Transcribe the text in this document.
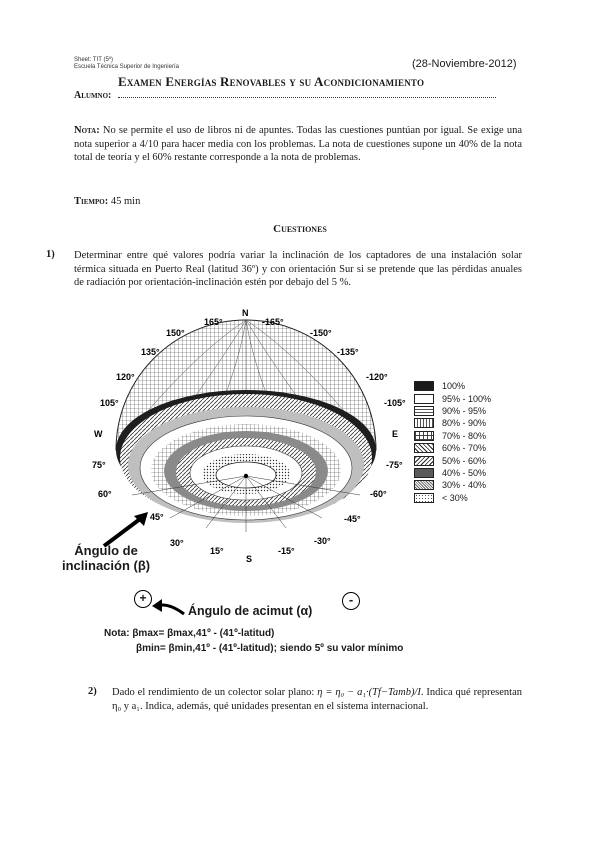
Sheet: TIT (5º)
Escuela Técnica Superior de Ingeniería	(28-Noviembre-2012)
Examen Energías Renovables y su Acondicionamiento
Alumno:
Nota: No se permite el uso de libros ni de apuntes. Todas las cuestiones puntúan por igual. Se exige una nota superior a 4/10 para hacer media con los problemas. La nota de cuestiones supone un 40% de la nota total de teoría y el 60% restante corresponde a la nota de problemas.
Tiempo: 45 min
Cuestiones
1) Determinar entre qué valores podría variar la inclinación de los captadores de una instalación solar térmica situada en Puerto Real (latitud 36º) y con orientación Sur si se pretende que las pérdidas anuales de radiación por orientación-inclinación estén por debajo del 5 %.
N
S
W	E
165°	-165°
150°	-150°
135°	-135°
120°	-120°
105°	-105°
75°	-75°
60°	-60°
45°	-45°
30°	-30°
15°	-15°
100%
95% - 100%
90% - 95%
80% - 90%
70% - 80%
60% - 70%
50% - 60%
40% - 50%
30% - 40%
< 30%
Ángulo de
inclinación (β)
+
Ángulo de acimut (α)
-
Nota: βmax= βmax,41º - (41º-latitud)
βmin= βmin,41º - (41º-latitud); siendo 5º su valor mínimo
2) Dado el rendimiento de un colector solar plano: η = η₀ − a₁·(Tf−Tamb)/I. Indica qué representan η₀ y a₁. Indica, además, qué unidades presentan en el sistema internacional.
